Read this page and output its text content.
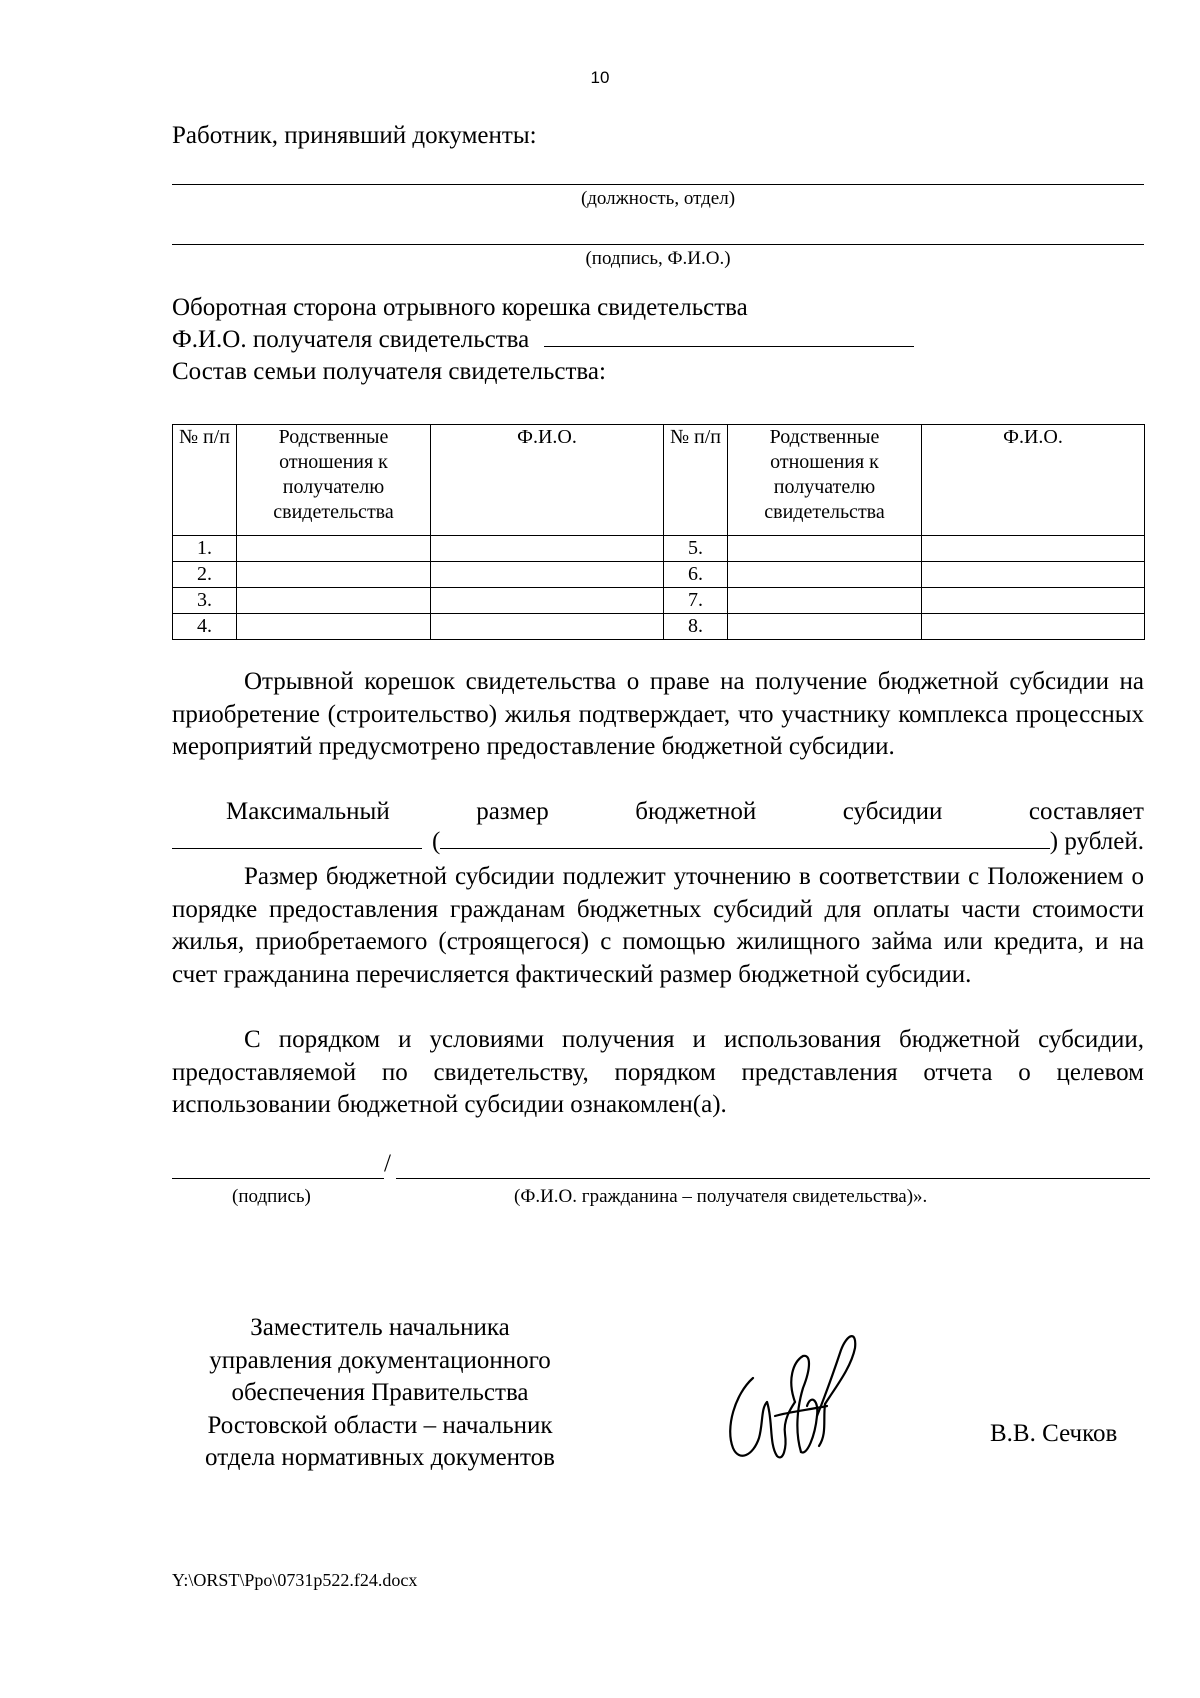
10
Работник, принявший документы:
(должность, отдел)
(подпись, Ф.И.О.)
Оборотная сторона отрывного корешка свидетельства
Ф.И.О. получателя свидетельства
Состав семьи получателя свидетельства:
№ п/п	Родственные отношения к получателю свидетельства	Ф.И.О.	№ п/п	Родственные отношения к получателю свидетельства	Ф.И.О.
1.			5.		
2.			6.		
3.			7.		
4.			8.		
Отрывной корешок свидетельства о праве на получение бюджетной субсидии на приобретение (строительство) жилья подтверждает, что участнику комплекса процессных мероприятий предусмотрено предоставление бюджетной субсидии.
Максимальный	размер	бюджетной	субсидии	составляет
(	) рублей.
Размер бюджетной субсидии подлежит уточнению в соответствии с Положением о порядке предоставления гражданам бюджетных субсидий для оплаты части стоимости жилья, приобретаемого (строящегося) с помощью жилищного займа или кредита, и на счет гражданина перечисляется фактический размер бюджетной субсидии.
С порядком и условиями получения и использования бюджетной субсидии, предоставляемой по свидетельству, порядком представления отчета о целевом использовании бюджетной субсидии ознакомлен(а).
/
(подпись)	(Ф.И.О. гражданина – получателя свидетельства)».
Заместитель начальника
управления документационного
обеспечения Правительства
Ростовской области – начальник
отдела нормативных документов
В.В. Сечков
Y:\ORST\Ppo\0731p522.f24.docx
